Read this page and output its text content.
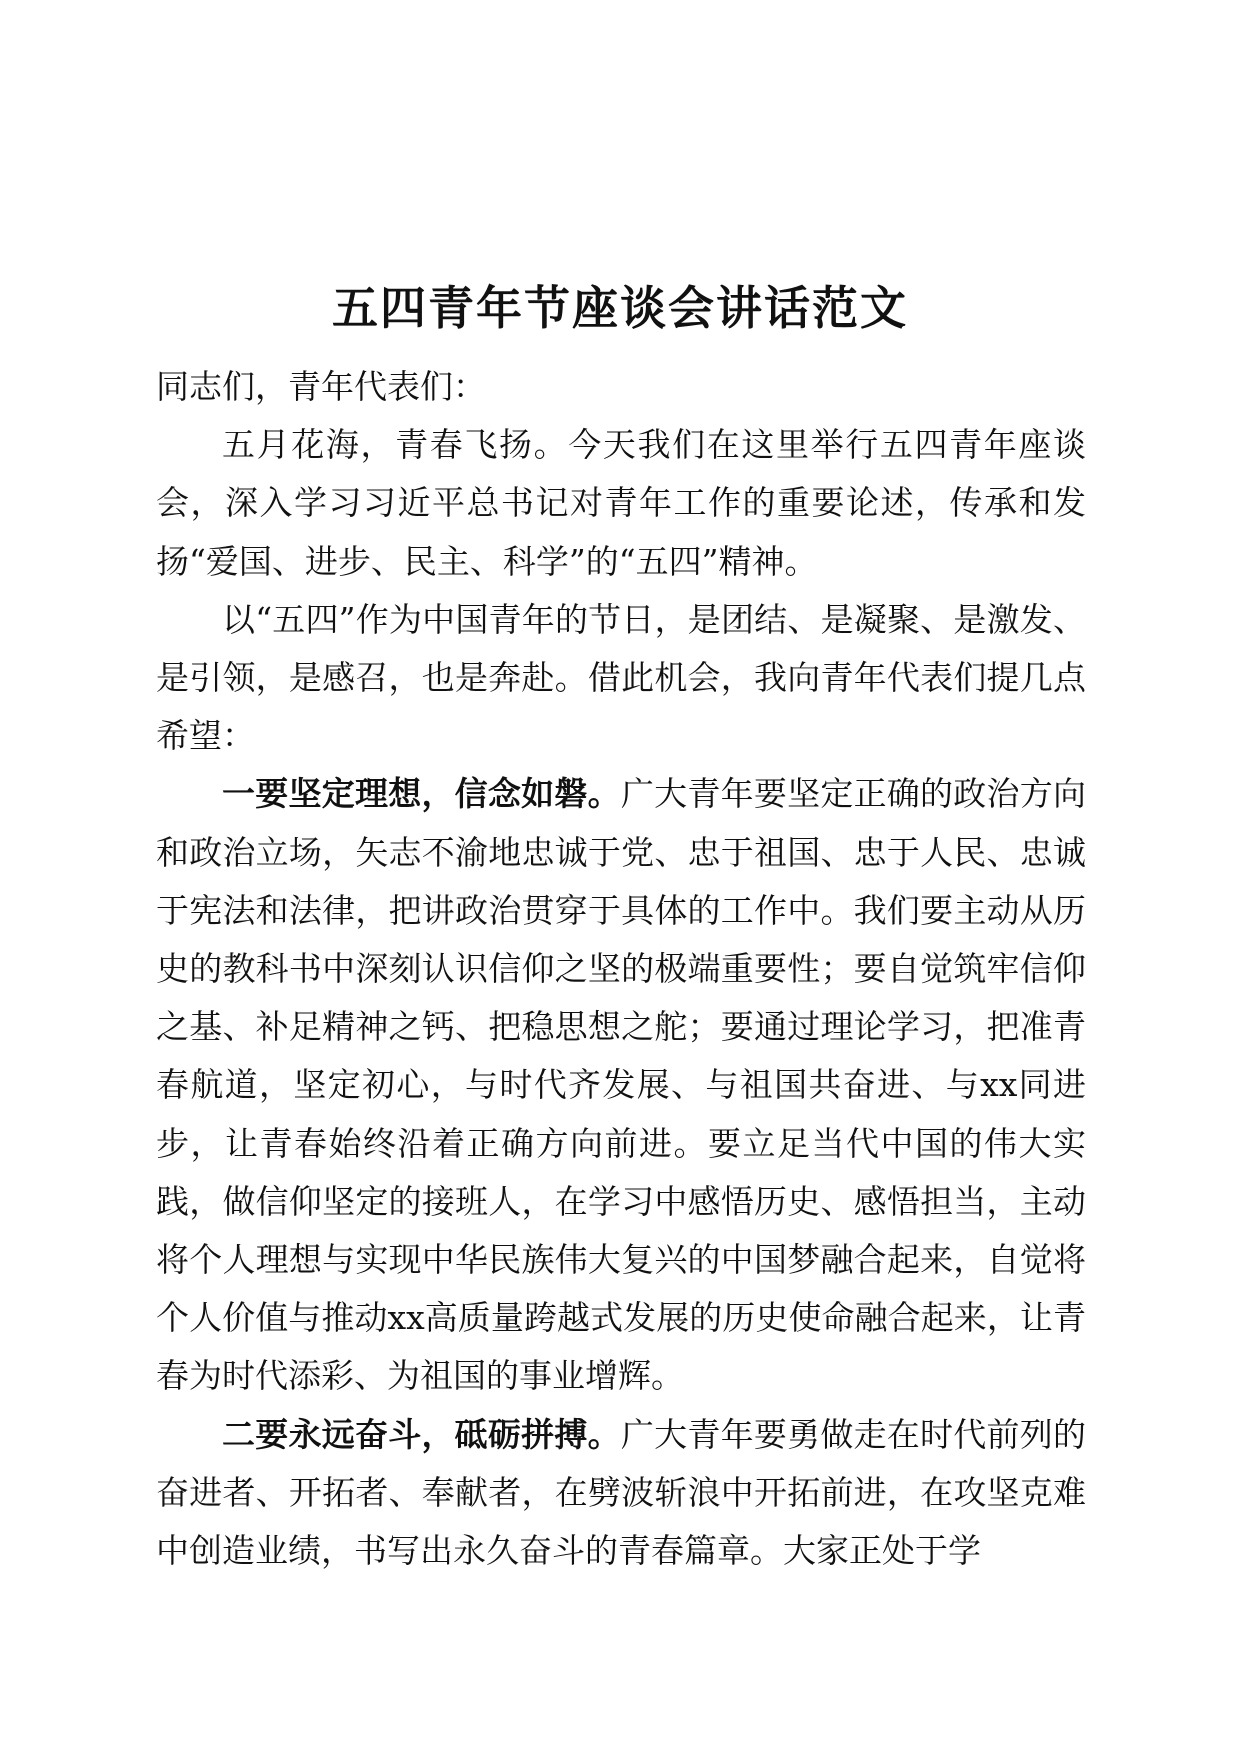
五四青年节座谈会讲话范文

同志们，青年代表们：

五月花海，青春飞扬。今天我们在这里举行五四青年座谈会，深入学习习近平总书记对青年工作的重要论述，传承和发扬“爱国、进步、民主、科学”的“五四”精神。

以“五四”作为中国青年的节日，是团结、是凝聚、是激发、是引领，是感召，也是奔赴。借此机会，我向青年代表们提几点希望：

一要坚定理想，信念如磐。广大青年要坚定正确的政治方向和政治立场，矢志不渝地忠诚于党、忠于祖国、忠于人民、忠诚于宪法和法律，把讲政治贯穿于具体的工作中。我们要主动从历史的教科书中深刻认识信仰之坚的极端重要性；要自觉筑牢信仰之基、补足精神之钙、把稳思想之舵；要通过理论学习，把准青春航道，坚定初心，与时代齐发展、与祖国共奋进、与xx同进步，让青春始终沿着正确方向前进。要立足当代中国的伟大实践，做信仰坚定的接班人，在学习中感悟历史、感悟担当，主动将个人理想与实现中华民族伟大复兴的中国梦融合起来，自觉将个人价值与推动xx高质量跨越式发展的历史使命融合起来，让青春为时代添彩、为祖国的事业增辉。

二要永远奋斗，砥砺拼搏。广大青年要勇做走在时代前列的奋进者、开拓者、奉献者，在劈波斩浪中开拓前进，在攻坚克难中创造业绩，书写出永久奋斗的青春篇章。大家正处于学
